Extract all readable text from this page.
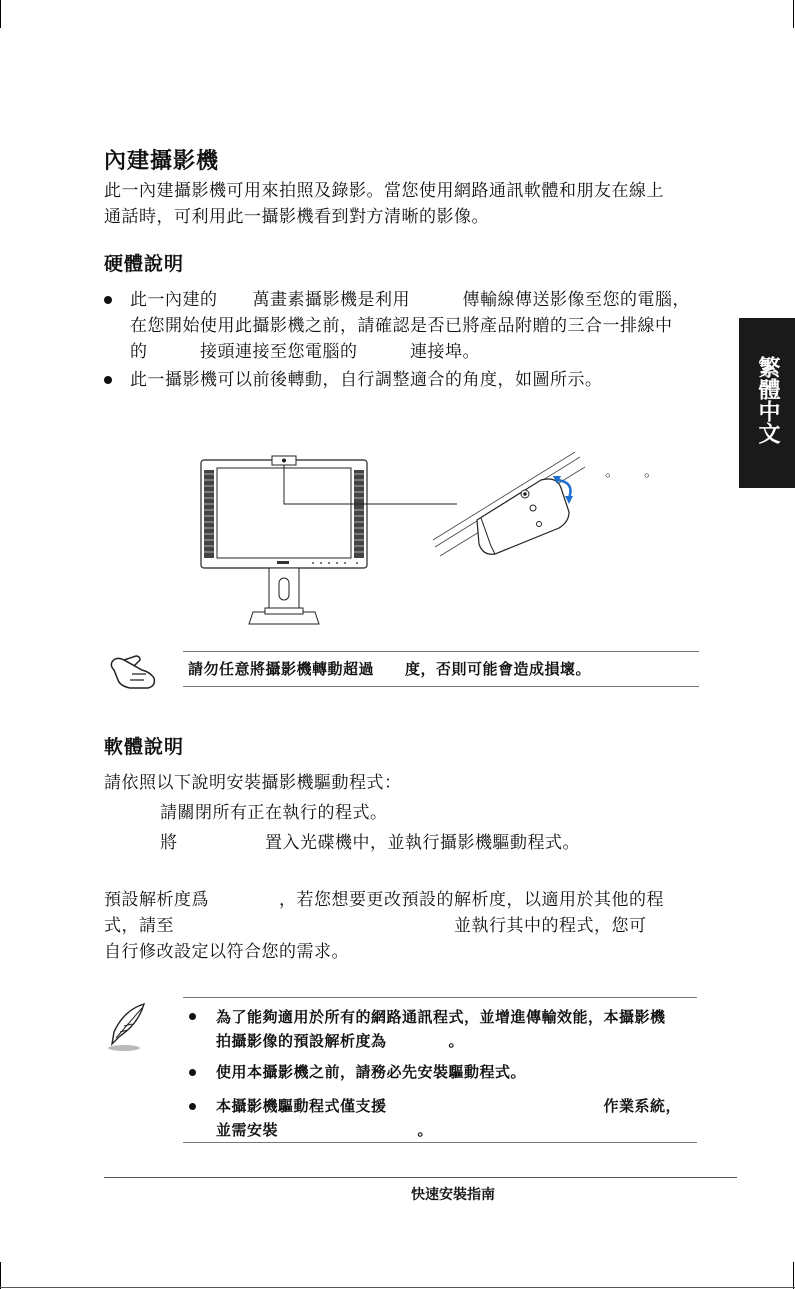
內建攝影機
此一內建攝影機可用來拍照及錄影。當您使用網路通訊軟體和朋友在線上
通話時，可利用此一攝影機看到對方清晰的影像。
硬體說明
此一內建的　　萬畫素攝影機是利用　　　傳輸線傳送影像至您的電腦，
在您開始使用此攝影機之前，請確認是否已將產品附贈的三合一排線中
的　　　接頭連接至您電腦的　　　連接埠。
此一攝影機可以前後轉動，自行調整適合的角度，如圖所示。	繁體中文
。　　。
請勿任意將攝影機轉動超過　　度，否則可能會造成損壞。
軟體說明
請依照以下說明安裝攝影機驅動程式：
請關閉所有正在執行的程式。
將　　　　　置入光碟機中，並執行攝影機驅動程式。
預設解析度爲　　　　，若您想要更改預設的解析度，以適用於其他的程
式，請至　　　　　　　　　　　　　　　　並執行其中的程式，您可
自行修改設定以符合您的需求。
為了能夠適用於所有的網路通訊程式，並增進傳輸效能，本攝影機
拍攝影像的預設解析度為　　　　。
使用本攝影機之前，請務必先安裝驅動程式。
本攝影機驅動程式僅支援　　　　　　　　　　　　　　作業系統，
並需安裝　　　　　　　　　。
快速安裝指南
